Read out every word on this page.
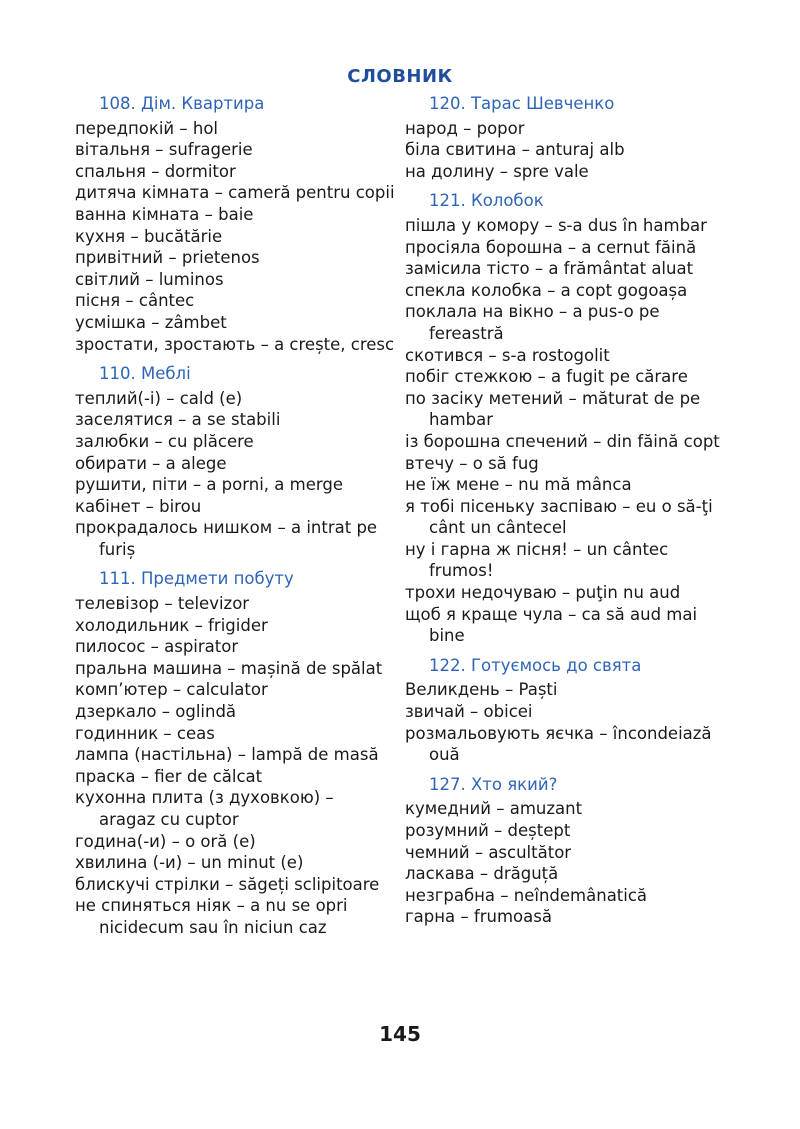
СЛОВНИК
108. Дім. Квартира
передпокій – hol
вітальня – sufragerie
спальня – dormitor
дитяча кімната – cameră pentru copii
ванна кімната – baie
кухня – bucătărie
привітний – prietenos
світлий – luminos
пісня – cântec
усмішка – zâmbet
зростати, зростають – a crește, cresc
110. Меблі
теплий(-і) – cald (e)
заселятися – a se stabili
залюбки – cu plăcere
обирати – a alege
рушити, піти – a porni, a merge
кабінет – birou
прокрадалось нишком – a intrat pe furiș
111. Предмети побуту
телевізор – televizor
холодильник – frigider
пилосос – aspirator
пральна машина – mașină de spălat
комп’ютер – calculator
дзеркало – oglindă
годинник – ceas
лампа (настільна) – lampă de masă
праска – fier de călcat
кухонна плита (з духовкою) – aragaz cu cuptor
година(-и) – o oră (e)
хвилина (-и) – un minut (e)
блискучі стрілки – săgeți sclipitoare
не спиняться ніяк – a nu se opri nicidecum sau în niciun caz
120. Тарас Шевченко
народ – popor
біла свитина – anturaj alb
на долину – spre vale
121. Колобок
пішла у комору – s-a dus în hambar
просіяла борошна – a cernut făină
замісила тісто – a frământat aluat
спекла колобка – a copt gogoașa
поклала на вікно – a pus-o pe fereastră
скотився – s-a rostogolit
побіг стежкою – a fugit pe cărare
по засіку метений – măturat de pe hambar
із борошна спечений – din făină copt
втечу – o să fug
не їж мене – nu mă mânca
я тобі пісеньку заспіваю – eu o să-ţi cânt un cântecel
ну і гарна ж пісня! – un cântec frumos!
трохи недочуваю – puţin nu aud
щоб я краще чула – ca să aud mai bine
122. Готуємось до свята
Великдень – Paști
звичай – obicei
розмальовують яєчка – încondeiază ouă
127. Хто який?
кумедний – amuzant
розумний – deștept
чемний – ascultător
ласкава – drăguță
незграбна – neîndemânatică
гарна – frumoasă
145
